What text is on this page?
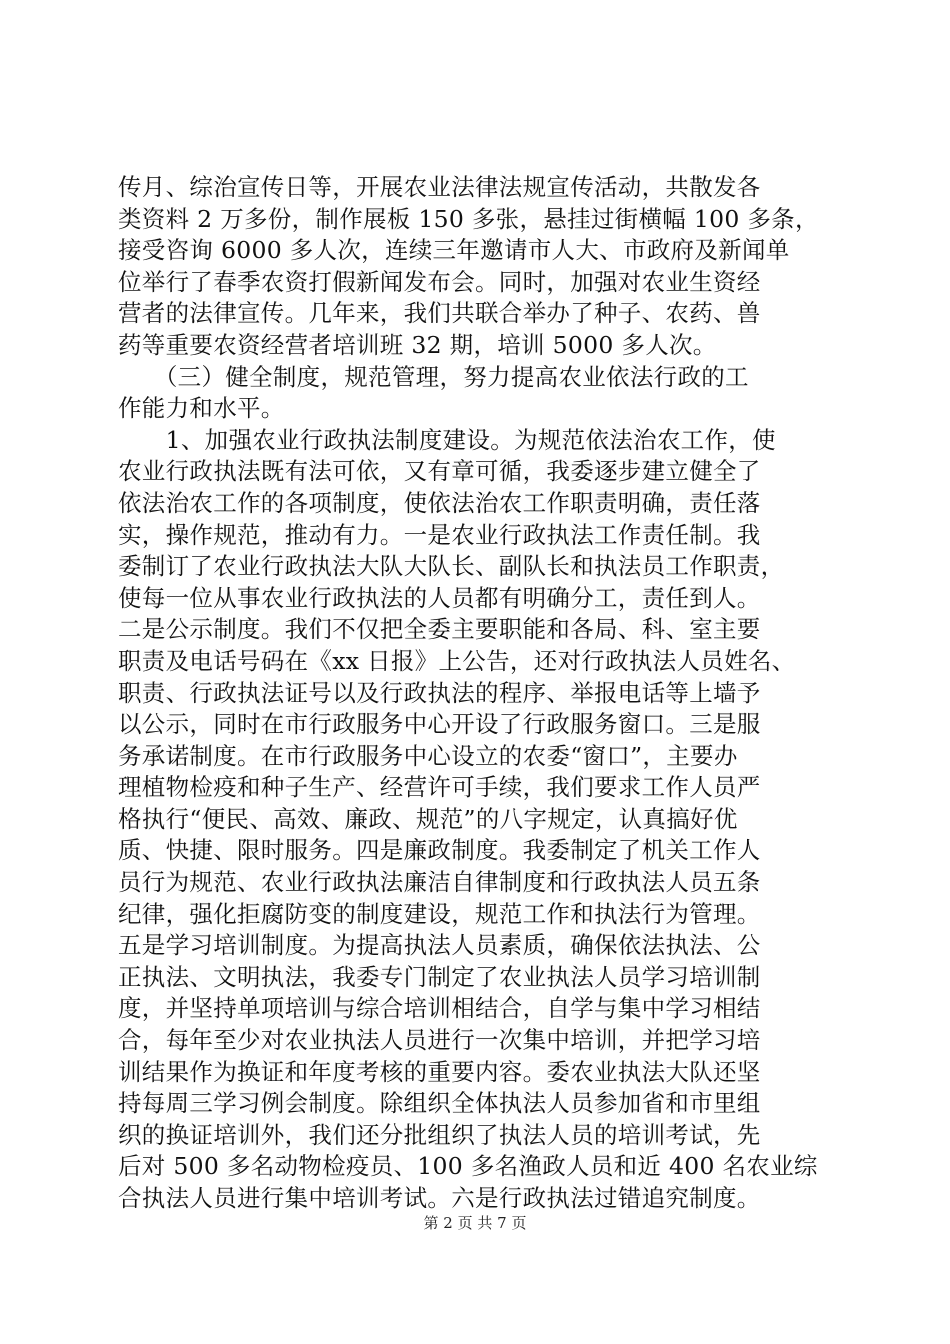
传月、综治宣传日等，开展农业法律法规宣传活动，共散发各
类资料 2 万多份，制作展板 150 多张，悬挂过街横幅 100 多条，
接受咨询 6000 多人次，连续三年邀请市人大、市政府及新闻单
位举行了春季农资打假新闻发布会。同时，加强对农业生资经
营者的法律宣传。几年来，我们共联合举办了种子、农药、兽
药等重要农资经营者培训班 32 期，培训 5000 多人次。
　　（三）健全制度，规范管理，努力提高农业依法行政的工
作能力和水平。
　　1、加强农业行政执法制度建设。为规范依法治农工作，使
农业行政执法既有法可依，又有章可循，我委逐步建立健全了
依法治农工作的各项制度，使依法治农工作职责明确，责任落
实，操作规范，推动有力。一是农业行政执法工作责任制。我
委制订了农业行政执法大队大队长、副队长和执法员工作职责，
使每一位从事农业行政执法的人员都有明确分工，责任到人。
二是公示制度。我们不仅把全委主要职能和各局、科、室主要
职责及电话号码在《xx 日报》上公告，还对行政执法人员姓名、
职责、行政执法证号以及行政执法的程序、举报电话等上墙予
以公示，同时在市行政服务中心开设了行政服务窗口。三是服
务承诺制度。在市行政服务中心设立的农委“窗口”，主要办
理植物检疫和种子生产、经营许可手续，我们要求工作人员严
格执行“便民、高效、廉政、规范”的八字规定，认真搞好优
质、快捷、限时服务。四是廉政制度。我委制定了机关工作人
员行为规范、农业行政执法廉洁自律制度和行政执法人员五条
纪律，强化拒腐防变的制度建设，规范工作和执法行为管理。
五是学习培训制度。为提高执法人员素质，确保依法执法、公
正执法、文明执法，我委专门制定了农业执法人员学习培训制
度，并坚持单项培训与综合培训相结合，自学与集中学习相结
合，每年至少对农业执法人员进行一次集中培训，并把学习培
训结果作为换证和年度考核的重要内容。委农业执法大队还坚
持每周三学习例会制度。除组织全体执法人员参加省和市里组
织的换证培训外，我们还分批组织了执法人员的培训考试，先
后对 500 多名动物检疫员、100 多名渔政人员和近 400 名农业综
合执法人员进行集中培训考试。六是行政执法过错追究制度。
第 2 页 共 7 页
